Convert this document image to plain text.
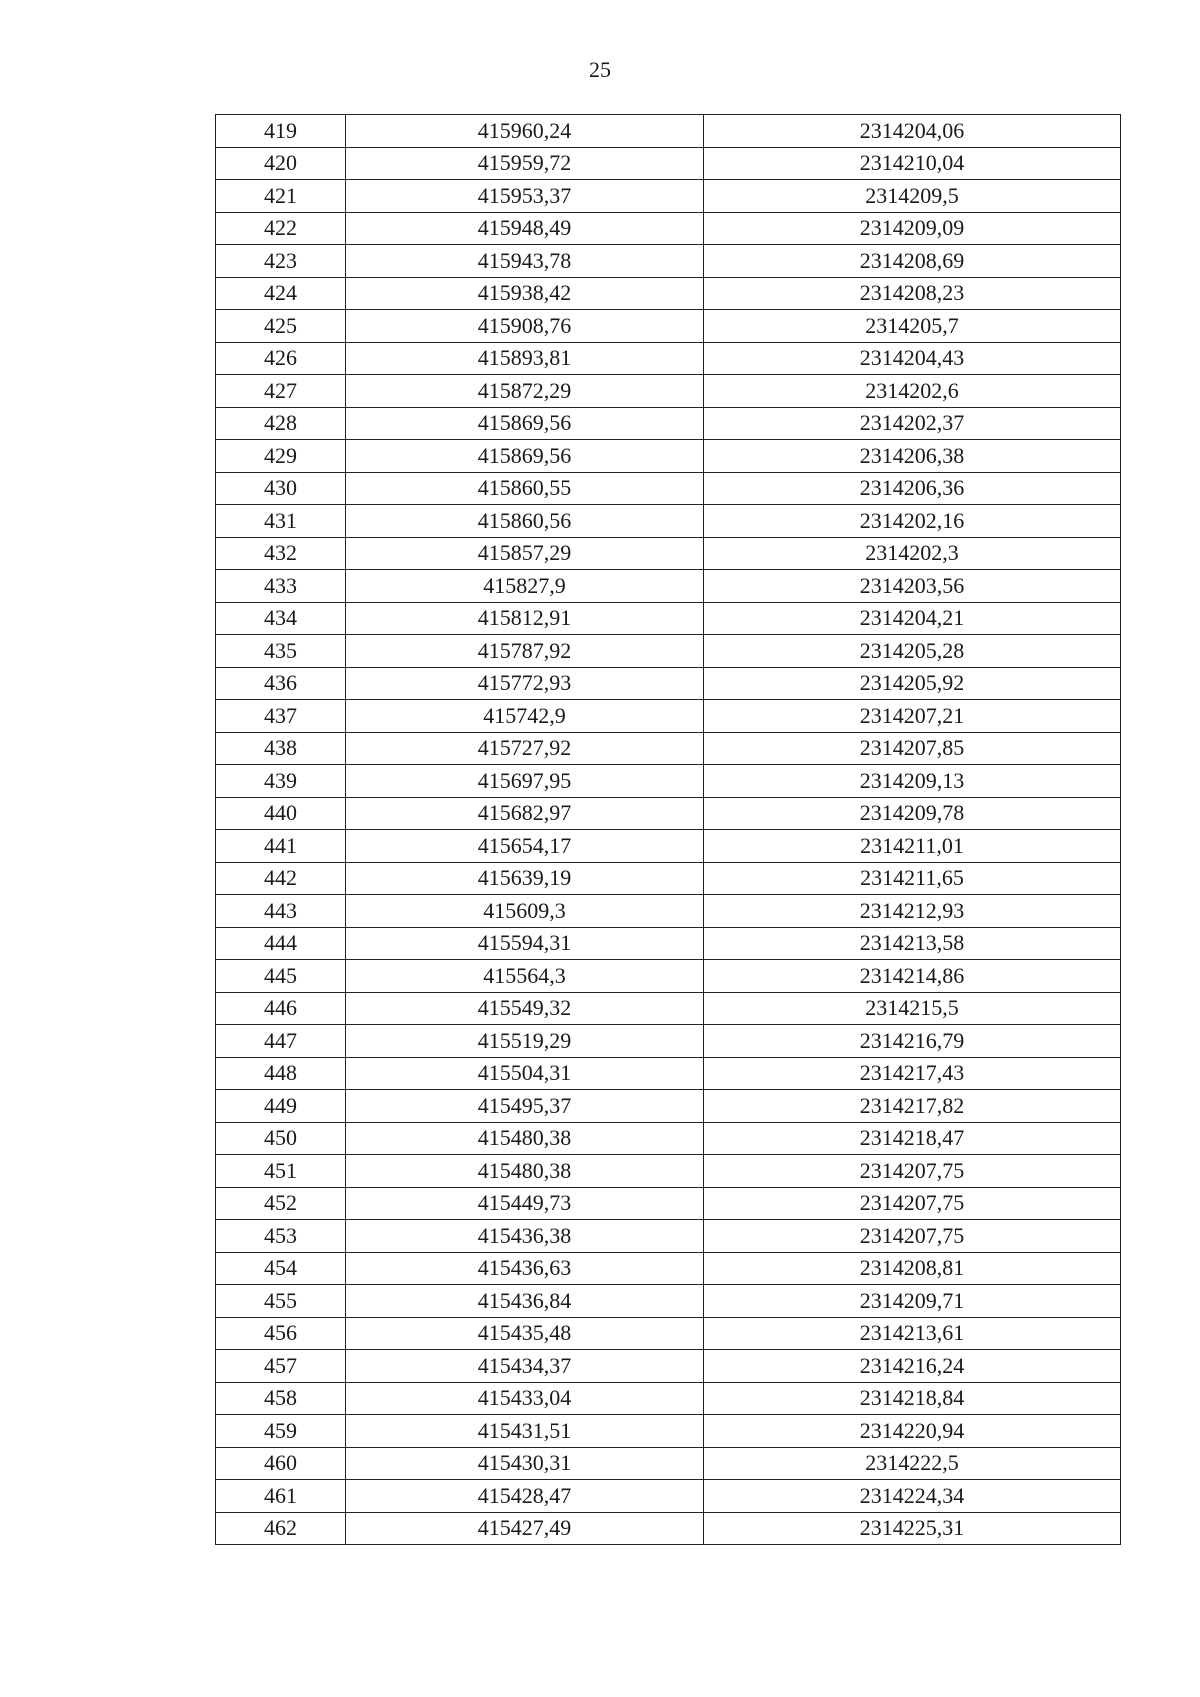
25
419	415960,24	2314204,06
420	415959,72	2314210,04
421	415953,37	2314209,5
422	415948,49	2314209,09
423	415943,78	2314208,69
424	415938,42	2314208,23
425	415908,76	2314205,7
426	415893,81	2314204,43
427	415872,29	2314202,6
428	415869,56	2314202,37
429	415869,56	2314206,38
430	415860,55	2314206,36
431	415860,56	2314202,16
432	415857,29	2314202,3
433	415827,9	2314203,56
434	415812,91	2314204,21
435	415787,92	2314205,28
436	415772,93	2314205,92
437	415742,9	2314207,21
438	415727,92	2314207,85
439	415697,95	2314209,13
440	415682,97	2314209,78
441	415654,17	2314211,01
442	415639,19	2314211,65
443	415609,3	2314212,93
444	415594,31	2314213,58
445	415564,3	2314214,86
446	415549,32	2314215,5
447	415519,29	2314216,79
448	415504,31	2314217,43
449	415495,37	2314217,82
450	415480,38	2314218,47
451	415480,38	2314207,75
452	415449,73	2314207,75
453	415436,38	2314207,75
454	415436,63	2314208,81
455	415436,84	2314209,71
456	415435,48	2314213,61
457	415434,37	2314216,24
458	415433,04	2314218,84
459	415431,51	2314220,94
460	415430,31	2314222,5
461	415428,47	2314224,34
462	415427,49	2314225,31
